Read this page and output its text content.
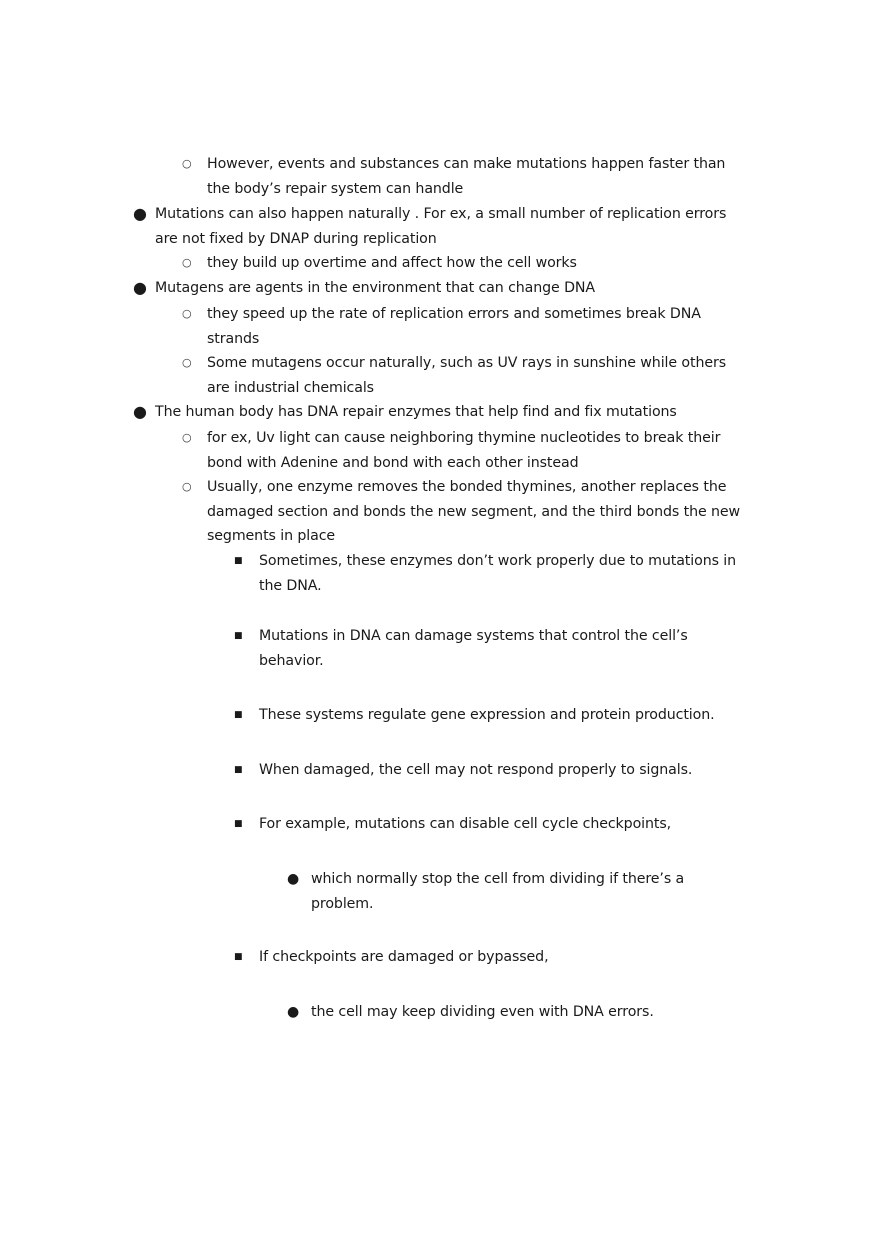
○ However, events and substances can make mutations happen faster than
the body’s repair system can handle
● Mutations can also happen naturally . For ex, a small number of replication errors
are not fixed by DNAP during replication
○ they build up overtime and affect how the cell works
● Mutagens are agents in the environment that can change DNA
○ they speed up the rate of replication errors and sometimes break DNA
strands
○ Some mutagens occur naturally, such as UV rays in sunshine while others
are industrial chemicals
● The human body has DNA repair enzymes that help find and fix mutations
○ for ex, Uv light can cause neighboring thymine nucleotides to break their
bond with Adenine and bond with each other instead
○ Usually, one enzyme removes the bonded thymines, another replaces the
damaged section and bonds the new segment, and the third bonds the new
segments in place
■ Sometimes, these enzymes don’t work properly due to mutations in
the DNA.
■ Mutations in DNA can damage systems that control the cell’s
behavior.
■ These systems regulate gene expression and protein production.
■ When damaged, the cell may not respond properly to signals.
■ For example, mutations can disable cell cycle checkpoints,
● which normally stop the cell from dividing if there’s a
problem.
■ If checkpoints are damaged or bypassed,
● the cell may keep dividing even with DNA errors.
